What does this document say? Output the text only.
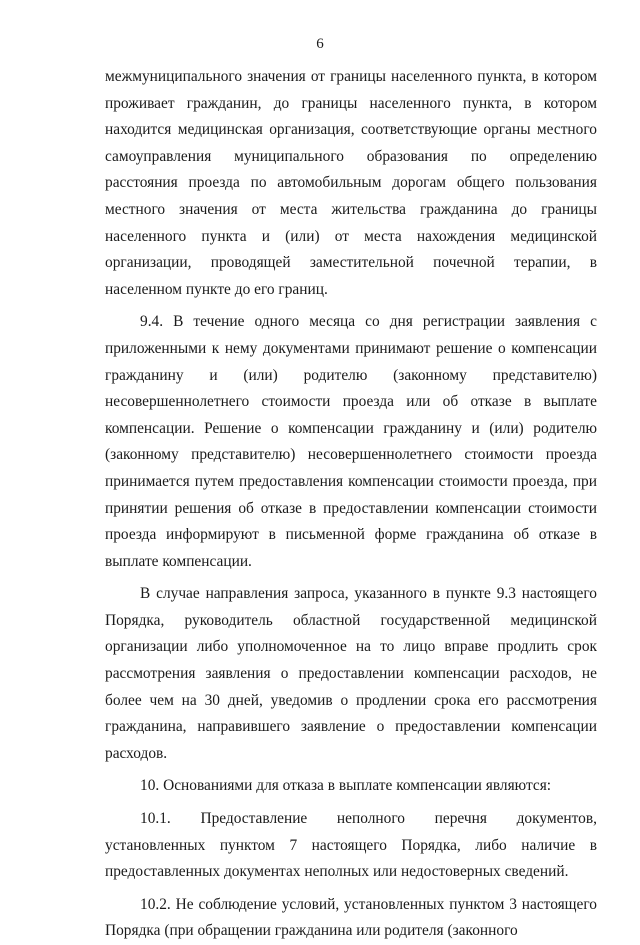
6

межмуниципального значения от границы населенного пункта, в котором проживает гражданин, до границы населенного пункта, в котором находится медицинская организация, соответствующие органы местного самоуправления муниципального образования по определению расстояния проезда по автомобильным дорогам общего пользования местного значения от места жительства гражданина до границы населенного пункта и (или) от места нахождения медицинской организации, проводящей заместительной почечной терапии, в населенном пункте до его границ.

9.4. В течение одного месяца со дня регистрации заявления с приложенными к нему документами принимают решение о компенсации гражданину и (или) родителю (законному представителю) несовершеннолетнего стоимости проезда или об отказе в выплате компенсации. Решение о компенсации гражданину и (или) родителю (законному представителю) несовершеннолетнего стоимости проезда принимается путем предоставления компенсации стоимости проезда, при принятии решения об отказе в предоставлении компенсации стоимости проезда информируют в письменной форме гражданина об отказе в выплате компенсации.

В случае направления запроса, указанного в пункте 9.3 настоящего Порядка, руководитель областной государственной медицинской организации либо уполномоченное на то лицо вправе продлить срок рассмотрения заявления о предоставлении компенсации расходов, не более чем на 30 дней, уведомив о продлении срока его рассмотрения гражданина, направившего заявление о предоставлении компенсации расходов.

10. Основаниями для отказа в выплате компенсации являются:

10.1. Предоставление неполного перечня документов, установленных пунктом 7 настоящего Порядка, либо наличие в предоставленных документах неполных или недостоверных сведений.

10.2. Не соблюдение условий, установленных пунктом 3 настоящего Порядка (при обращении гражданина или родителя (законного
